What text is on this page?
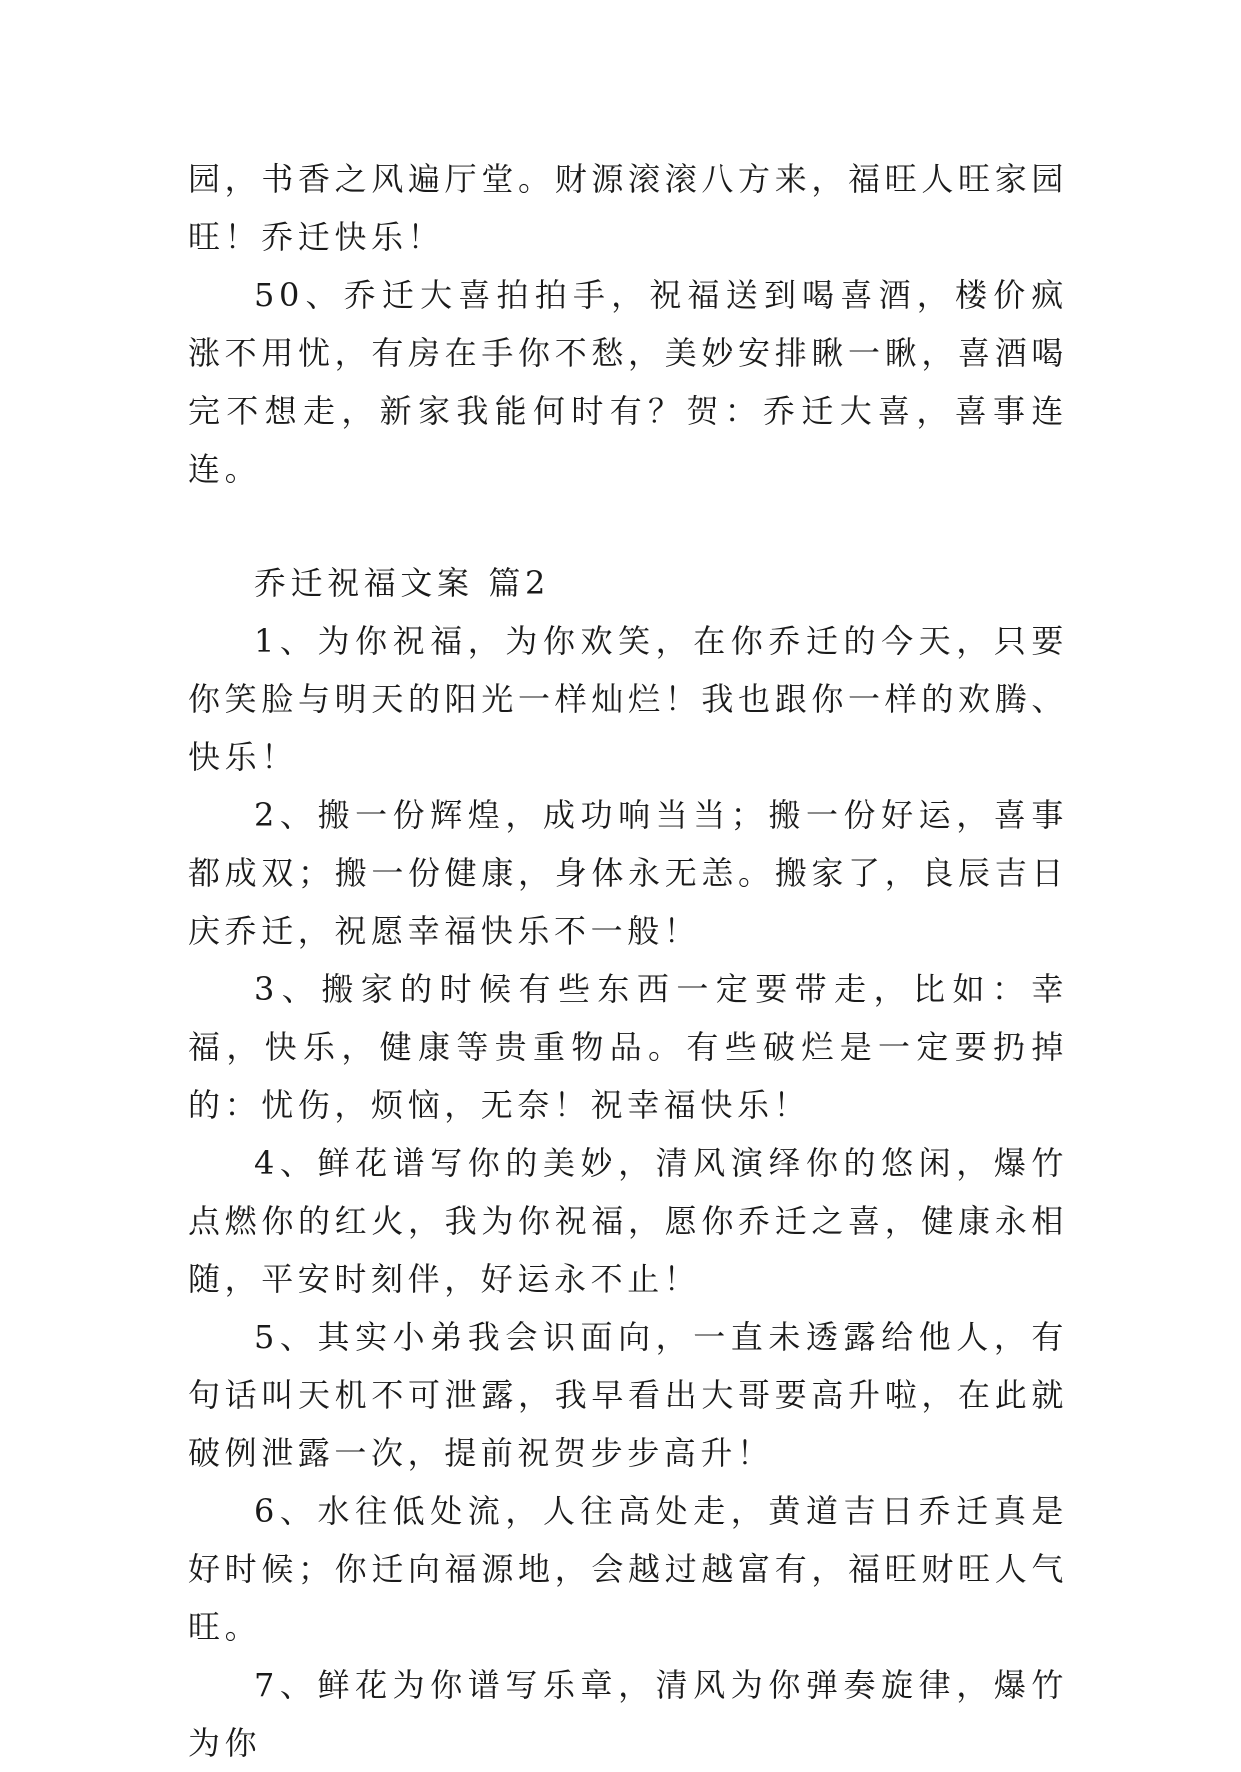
园，书香之风遍厅堂。财源滚滚八方来，福旺人旺家园旺！乔迁快乐！

50、乔迁大喜拍拍手，祝福送到喝喜酒，楼价疯涨不用忧，有房在手你不愁，美妙安排瞅一瞅，喜酒喝完不想走，新家我能何时有？贺：乔迁大喜，喜事连连。

乔迁祝福文案 篇2

1、为你祝福，为你欢笑，在你乔迁的今天，只要你笑脸与明天的阳光一样灿烂！我也跟你一样的欢腾、快乐！

2、搬一份辉煌，成功响当当；搬一份好运，喜事都成双；搬一份健康，身体永无恙。搬家了，良辰吉日庆乔迁，祝愿幸福快乐不一般！

3、搬家的时候有些东西一定要带走，比如：幸福，快乐，健康等贵重物品。有些破烂是一定要扔掉的：忧伤，烦恼，无奈！祝幸福快乐！

4、鲜花谱写你的美妙，清风演绎你的悠闲，爆竹点燃你的红火，我为你祝福，愿你乔迁之喜，健康永相随，平安时刻伴，好运永不止！

5、其实小弟我会识面向，一直未透露给他人，有句话叫天机不可泄露，我早看出大哥要高升啦，在此就破例泄露一次，提前祝贺步步高升！

6、水往低处流，人往高处走，黄道吉日乔迁真是好时候；你迁向福源地，会越过越富有，福旺财旺人气旺。

7、鲜花为你谱写乐章，清风为你弹奏旋律，爆竹为你
